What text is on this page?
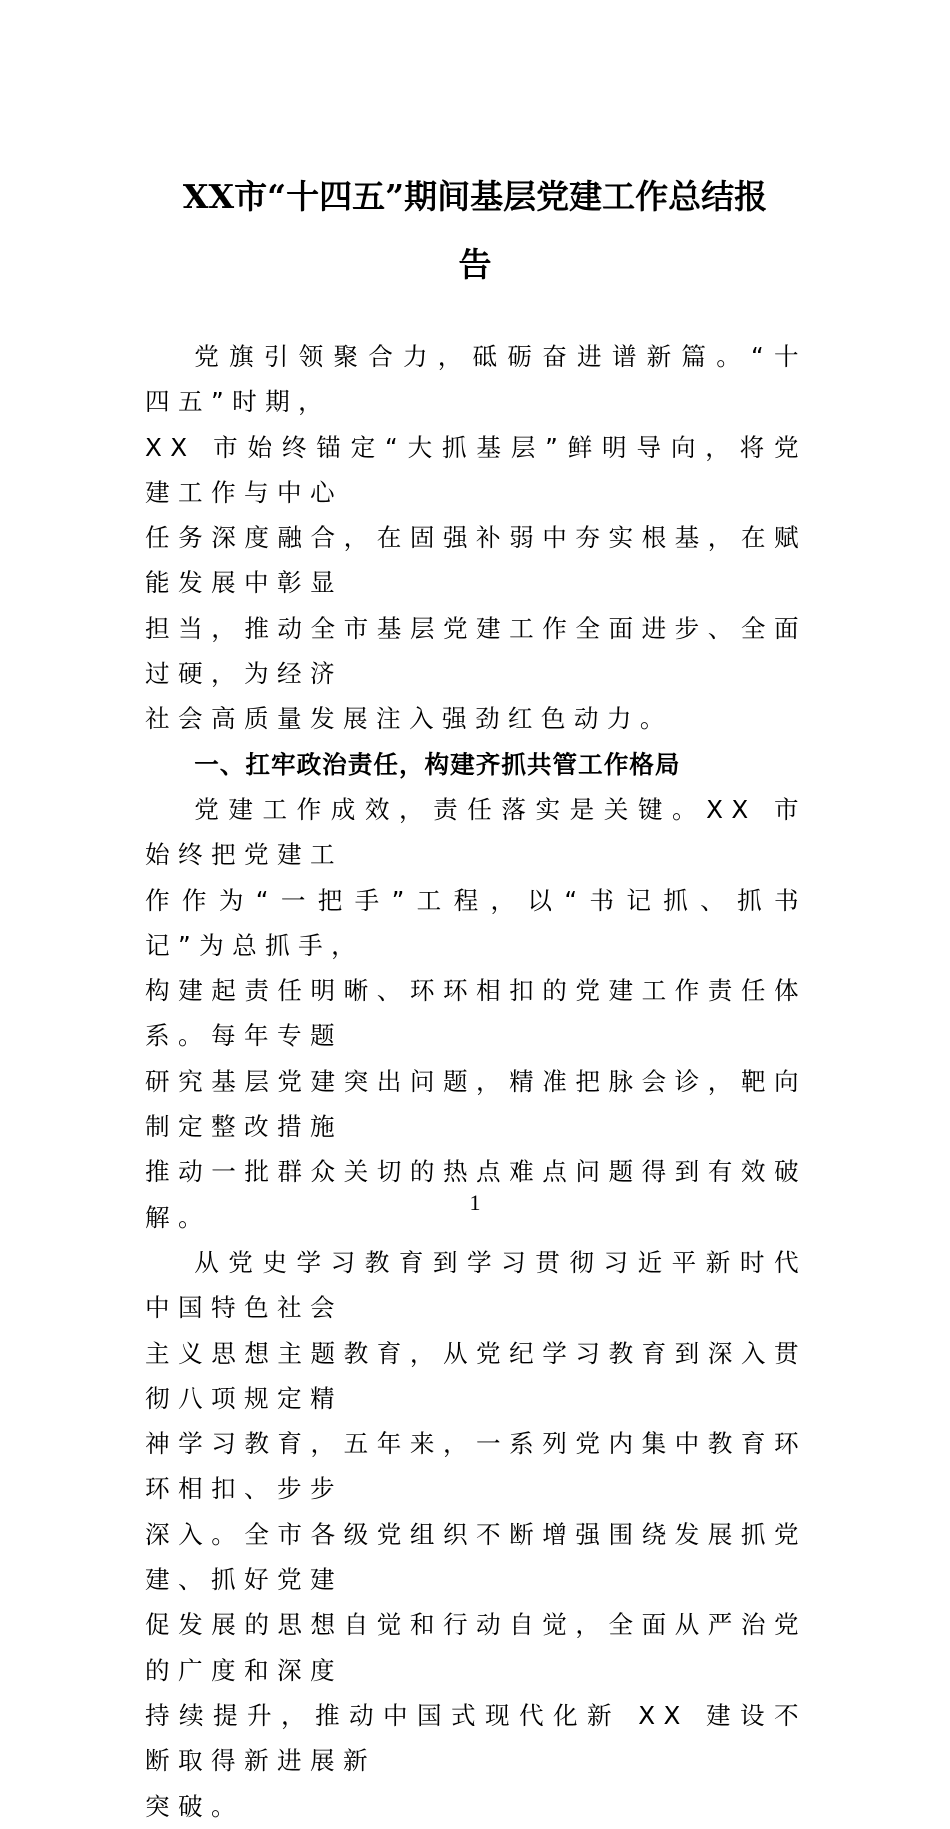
XX市“十四五”期间基层党建工作总结报
告

党旗引领聚合力，砥砺奋进谱新篇。“十四五”时期，
XX 市始终锚定“大抓基层”鲜明导向，将党建工作与中心
任务深度融合，在固强补弱中夯实根基，在赋能发展中彰显
担当，推动全市基层党建工作全面进步、全面过硬，为经济
社会高质量发展注入强劲红色动力。

一、扛牢政治责任，构建齐抓共管工作格局

党建工作成效，责任落实是关键。XX 市始终把党建工
作作为“一把手”工程，以“书记抓、抓书记”为总抓手，
构建起责任明晰、环环相扣的党建工作责任体系。每年专题
研究基层党建突出问题，精准把脉会诊，靶向制定整改措施
推动一批群众关切的热点难点问题得到有效破解。

从党史学习教育到学习贯彻习近平新时代中国特色社会
主义思想主题教育，从党纪学习教育到深入贯彻八项规定精
神学习教育，五年来，一系列党内集中教育环环相扣、步步
深入。全市各级党组织不断增强围绕发展抓党建、抓好党建
促发展的思想自觉和行动自觉，全面从严治党的广度和深度
持续提升，推动中国式现代化新 XX 建设不断取得新进展新
突破。

1
